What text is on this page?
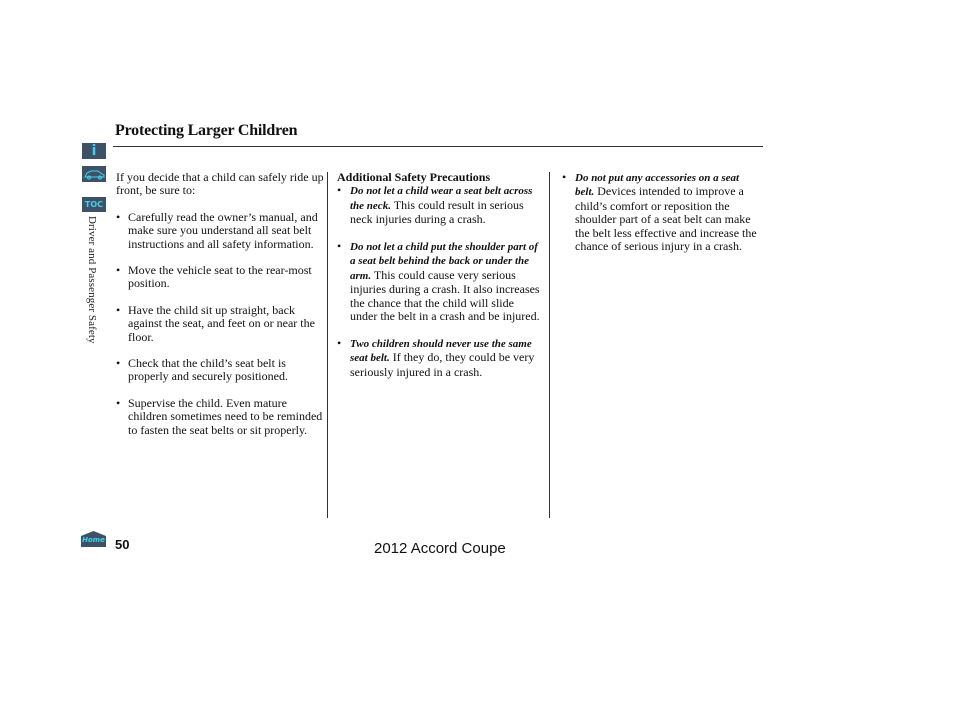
i
TOC
Driver and Passenger Safety
Protecting Larger Children

If you decide that a child can safely ride up front, be sure to:

• Carefully read the owner’s manual, and make sure you understand all seat belt instructions and all safety information.
• Move the vehicle seat to the rear-most position.
• Have the child sit up straight, back against the seat, and feet on or near the floor.
• Check that the child’s seat belt is properly and securely positioned.
• Supervise the child. Even mature children sometimes need to be reminded to fasten the seat belts or sit properly.

Additional Safety Precautions

• Do not let a child wear a seat belt across the neck. This could result in serious neck injuries during a crash.
• Do not let a child put the shoulder part of a seat belt behind the back or under the arm. This could cause very serious injuries during a crash. It also increases the chance that the child will slide under the belt in a crash and be injured.
• Two children should never use the same seat belt. If they do, they could be very seriously injured in a crash.
• Do not put any accessories on a seat belt. Devices intended to improve a child’s comfort or reposition the shoulder part of a seat belt can make the belt less effective and increase the chance of serious injury in a crash.
Home 50	2012 Accord Coupe
